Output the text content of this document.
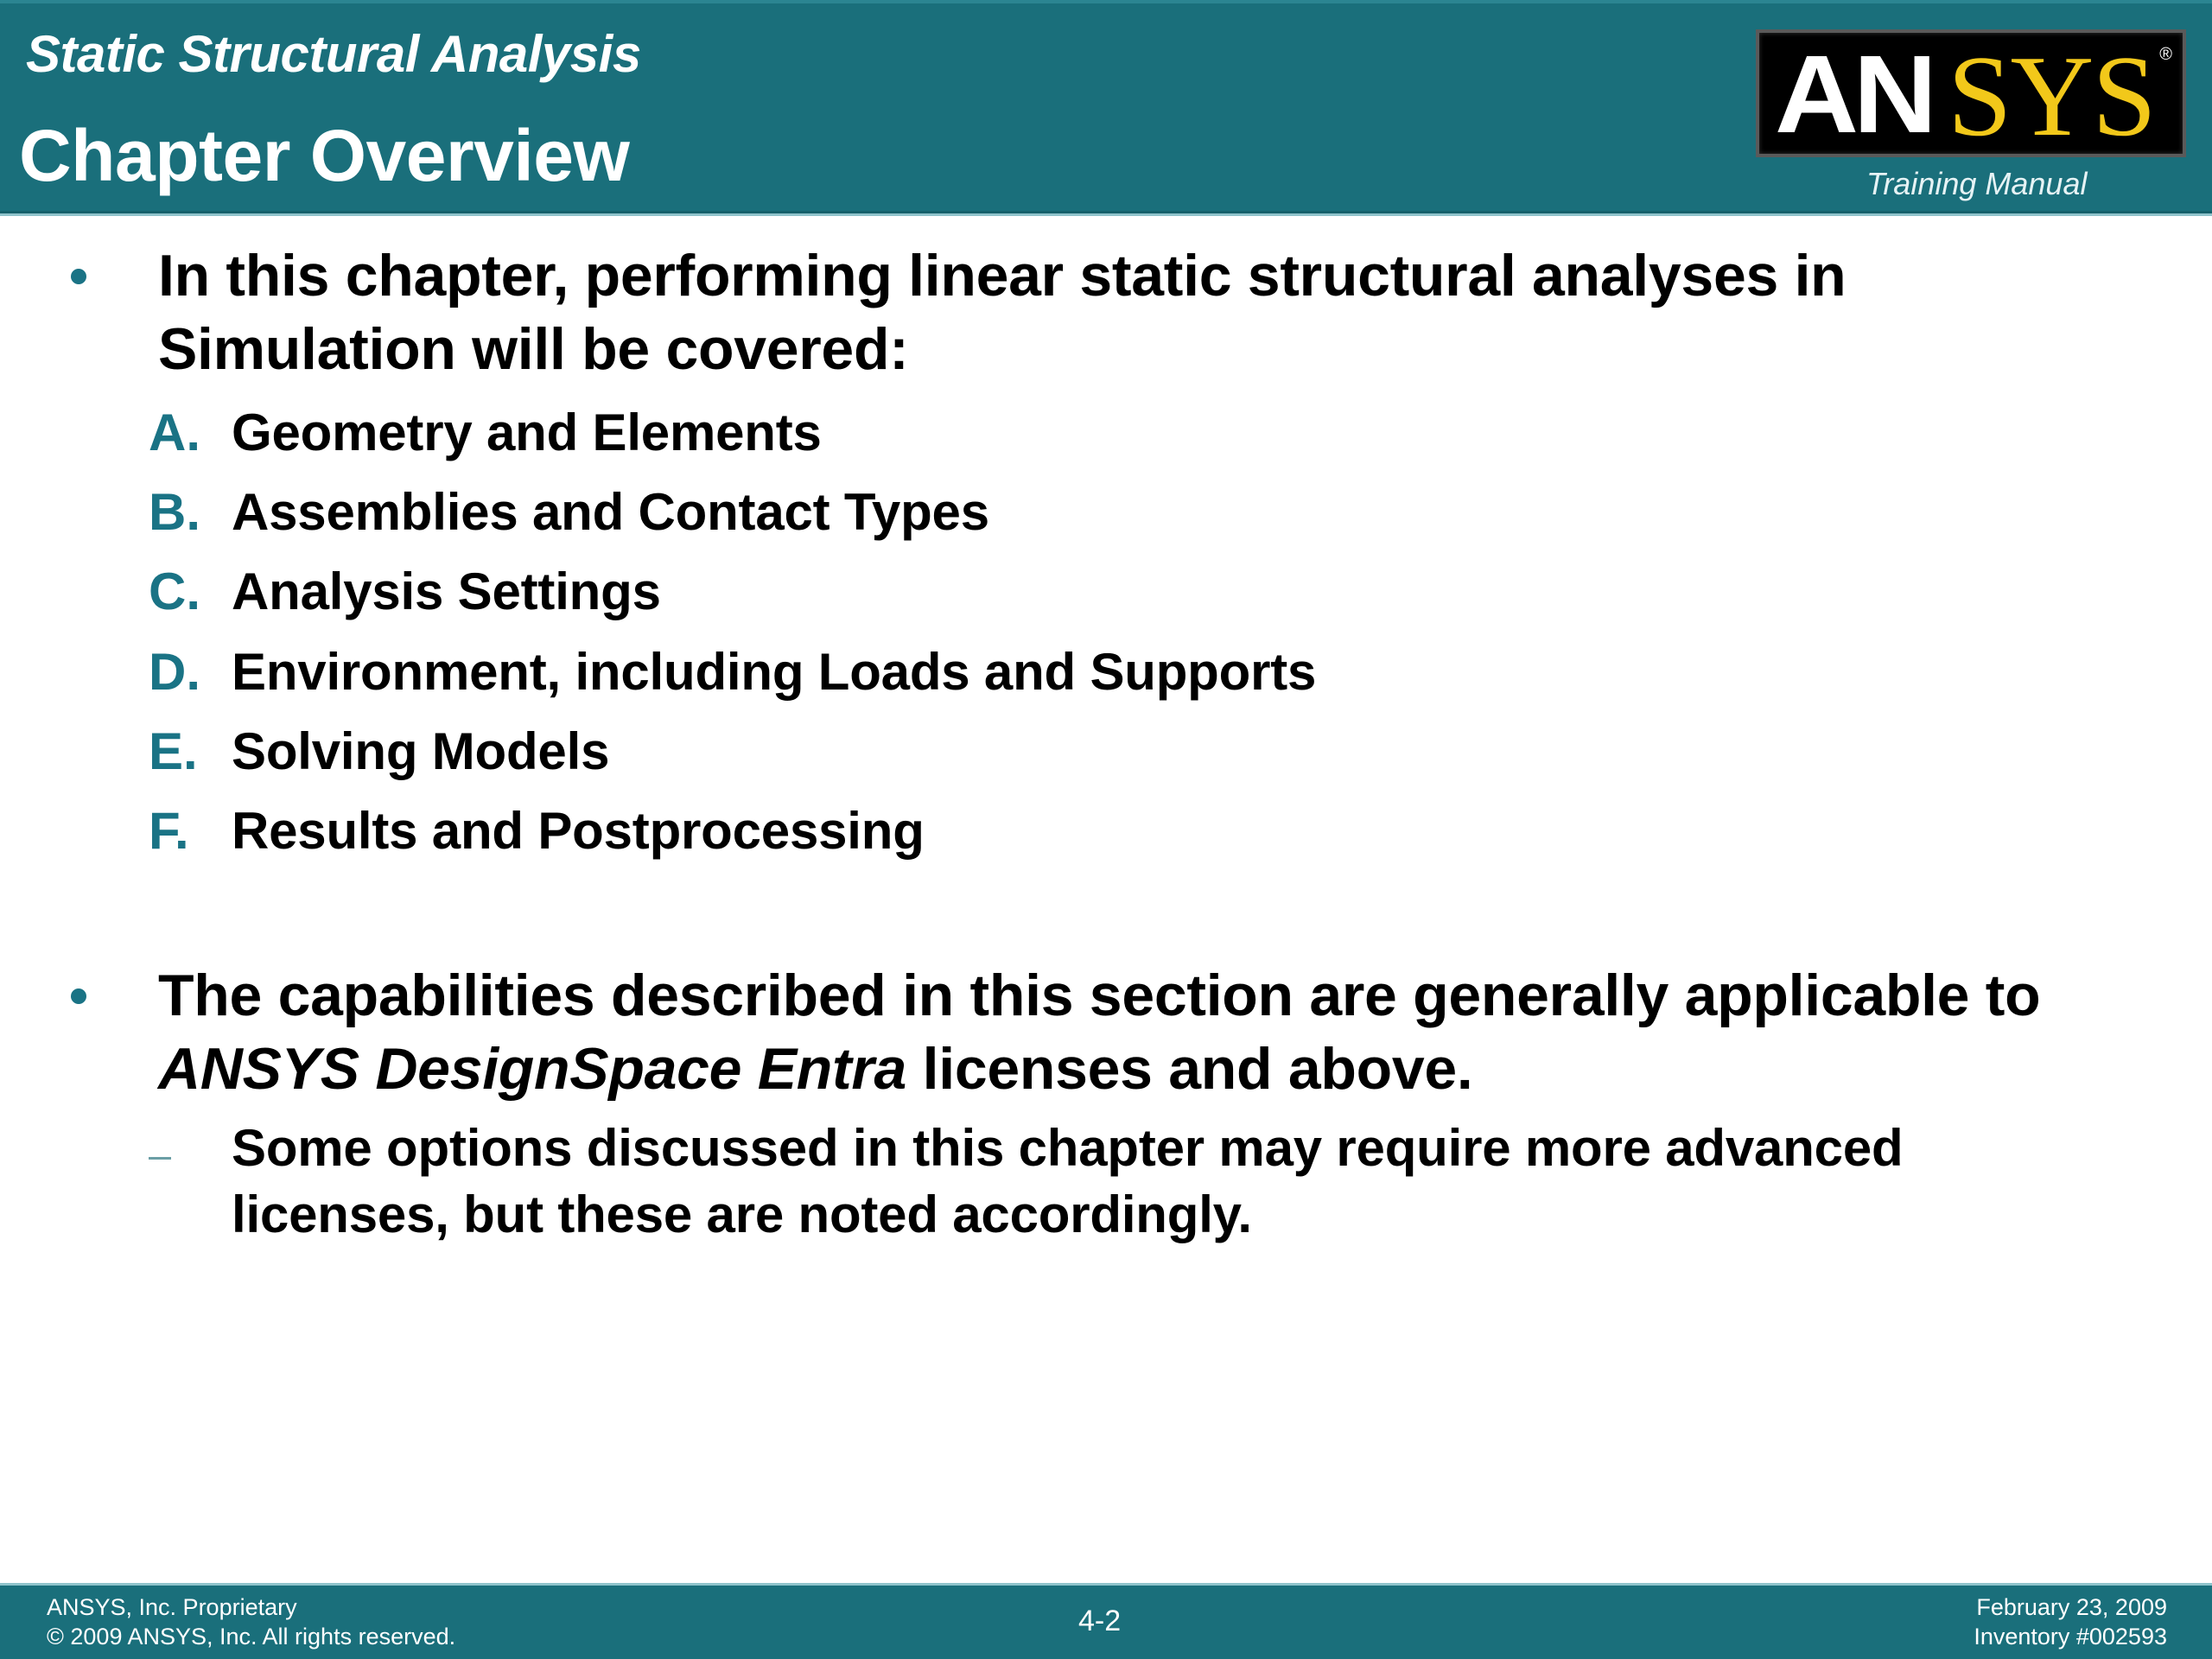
Static Structural Analysis
Chapter Overview	AN SYS ®
Training Manual
In this chapter, performing linear static structural analyses in
Simulation will be covered:
A. Geometry and Elements
B. Assemblies and Contact Types
C. Analysis Settings
D. Environment, including Loads and Supports
E. Solving Models
F. Results and Postprocessing
The capabilities described in this section are generally applicable to
ANSYS DesignSpace Entra licenses and above.
Some options discussed in this chapter may require more advanced
licenses, but these are noted accordingly.
ANSYS, Inc. Proprietary
© 2009 ANSYS, Inc. All rights reserved.	4-2	February 23, 2009
Inventory #002593
